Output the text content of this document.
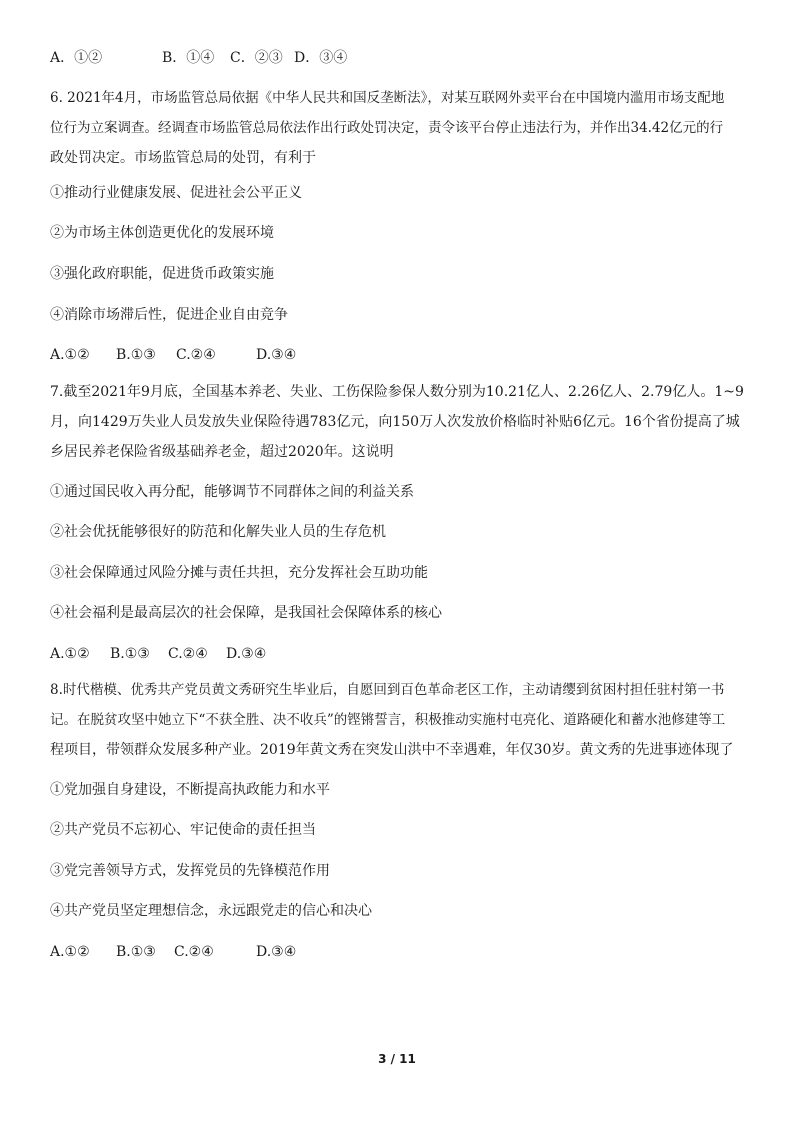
A．①②	B．①④ C．②③ D．③④
6. 2021年4月，市场监管总局依据《中华人民共和国反垄断法》，对某互联网外卖平台在中国境内滥用市场支配地
位行为立案调查。经调查市场监管总局依法作出行政处罚决定，责令该平台停止违法行为，并作出34.42亿元的行
政处罚决定。市场监管总局的处罚，有利于
①推动行业健康发展、促进社会公平正义
②为市场主体创造更优化的发展环境
③强化政府职能，促进货币政策实施
④消除市场滞后性，促进企业自由竞争
A.①② B.①③ C.②④	D.③④
7.截至2021年9月底，全国基本养老、失业、工伤保险参保人数分别为10.21亿人、2.26亿人、2.79亿人。1~9
月，向1429万失业人员发放失业保险待遇783亿元，向150万人次发放价格临时补贴6亿元。16个省份提高了城
乡居民养老保险省级基础养老金，超过2020年。这说明
①通过国民收入再分配，能够调节不同群体之间的利益关系
②社会优抚能够很好的防范和化解失业人员的生存危机
③社会保障通过风险分摊与责任共担，充分发挥社会互助功能
④社会福利是最高层次的社会保障，是我国社会保障体系的核心
A.①② B.①③ C.②④ D.③④
8.时代楷模、优秀共产党员黄文秀研究生毕业后，自愿回到百色革命老区工作，主动请缨到贫困村担任驻村第一书
记。在脱贫攻坚中她立下“不获全胜、决不收兵”的铿锵誓言，积极推动实施村屯亮化、道路硬化和蓄水池修建等工
程项目，带领群众发展多种产业。2019年黄文秀在突发山洪中不幸遇难，年仅30岁。黄文秀的先进事迹体现了
①党加强自身建设，不断提高执政能力和水平
②共产党员不忘初心、牢记使命的责任担当
③党完善领导方式，发挥党员的先锋模范作用
④共产党员坚定理想信念，永远跟党走的信心和决心
A.①② B.①③ C.②④	D.③④
3 / 11
